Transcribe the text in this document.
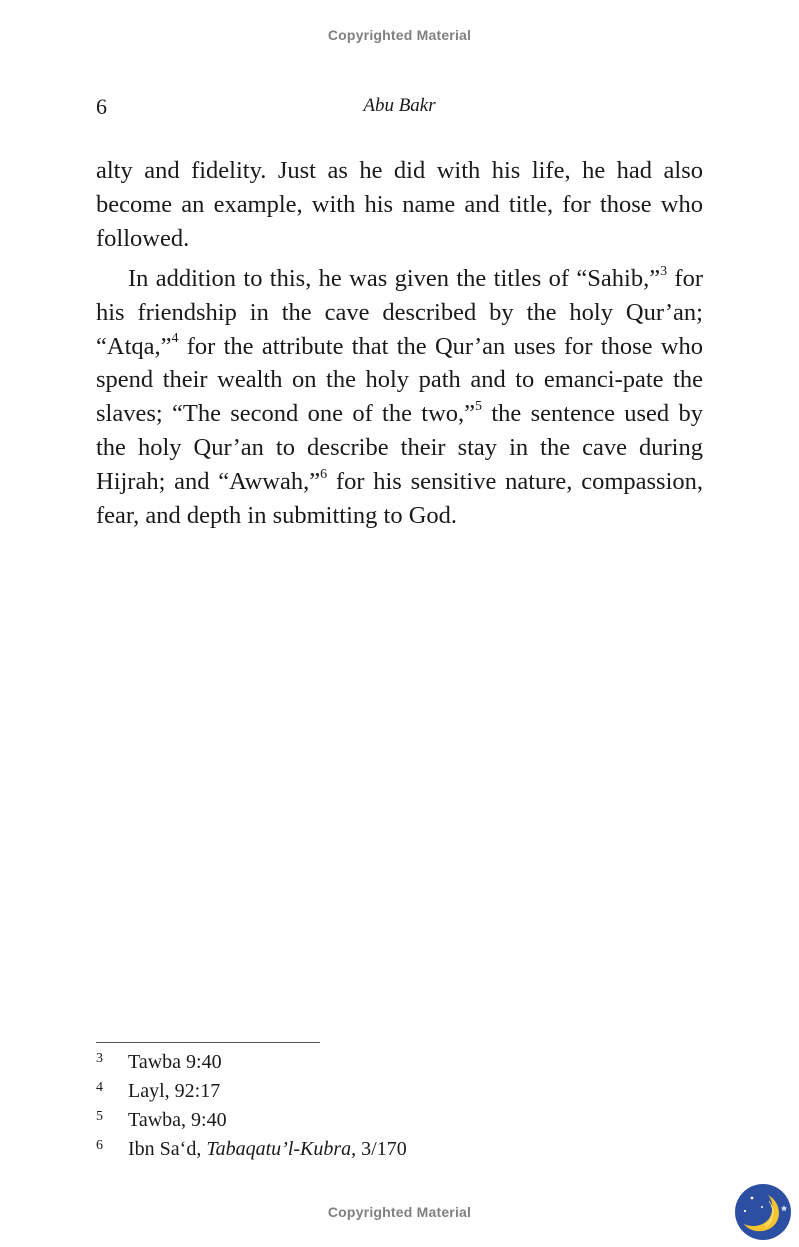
Copyrighted Material
6	Abu Bakr

alty and fidelity. Just as he did with his life, he had also become an example, with his name and title, for those who followed.

In addition to this, he was given the titles of “Sahib,”$^3$ for his friendship in the cave described by the holy Qur’an; “Atqa,”$^4$ for the attribute that the Qur’an uses for those who spend their wealth on the holy path and to emanci-pate the slaves; “The second one of the two,”$^5$ the sentence used by the holy Qur’an to describe their stay in the cave during Hijrah; and “Awwah,”$^6$ for his sensitive nature, compassion, fear, and depth in submitting to God.

3	Tawba 9:40
4	Layl, 92:17
5	Tawba, 9:40
6	Ibn Sa‘d, Tabaqatu’l-Kubra, 3/170
Copyrighted Material
